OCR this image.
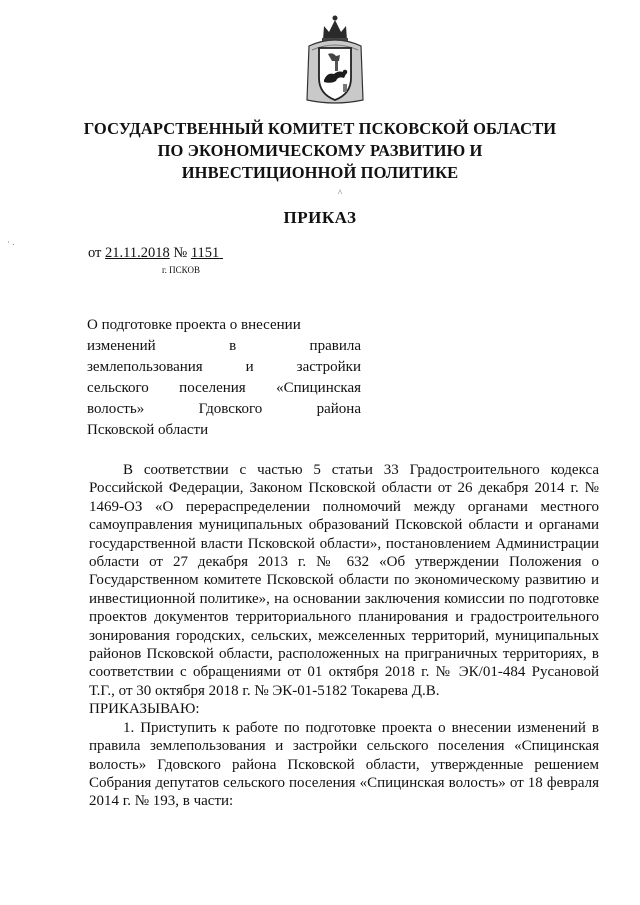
ГОСУДАРСТВЕННЫЙ КОМИТЕТ ПСКОВСКОЙ ОБЛАСТИ
ПО ЭКОНОМИЧЕСКОМУ РАЗВИТИЮ И
ИНВЕСТИЦИОННОЙ ПОЛИТИКЕ
^
ПРИКАЗ
· .
от 21.11.2018 № 1151
г. ПСКОВ
О подготовке проекта о внесении
изменений в правила
землепользования и застройки
сельского поселения «Спицинская
волость» Гдовского района
Псковской области

В соответствии с частью 5 статьи 33 Градостроительного кодекса Российской Федерации, Законом Псковской области от 26 декабря 2014 г. № 1469-ОЗ «О перераспределении полномочий между органами местного самоуправления муниципальных образований Псковской области и органами государственной власти Псковской области», постановлением Администрации области от 27 декабря 2013 г. № 632 «Об утверждении Положения о Государственном комитете Псковской области по экономическому развитию и инвестиционной политике», на основании заключения комиссии по подготовке проектов документов территориального планирования и градостроительного зонирования городских, сельских, межселенных территорий, муниципальных районов Псковской области, расположенных на приграничных территориях, в соответствии с обращениями от 01 октября 2018 г. № ЭК/01-484 Русановой Т.Г., от 30 октября 2018 г. № ЭК-01-5182 Токарева Д.В.

ПРИКАЗЫВАЮ:

1. Приступить к работе по подготовке проекта о внесении изменений в правила землепользования и застройки сельского поселения «Спицинская волость» Гдовского района Псковской области, утвержденные решением Собрания депутатов сельского поселения «Спицинская волость» от 18 февраля 2014 г. № 193, в части:
